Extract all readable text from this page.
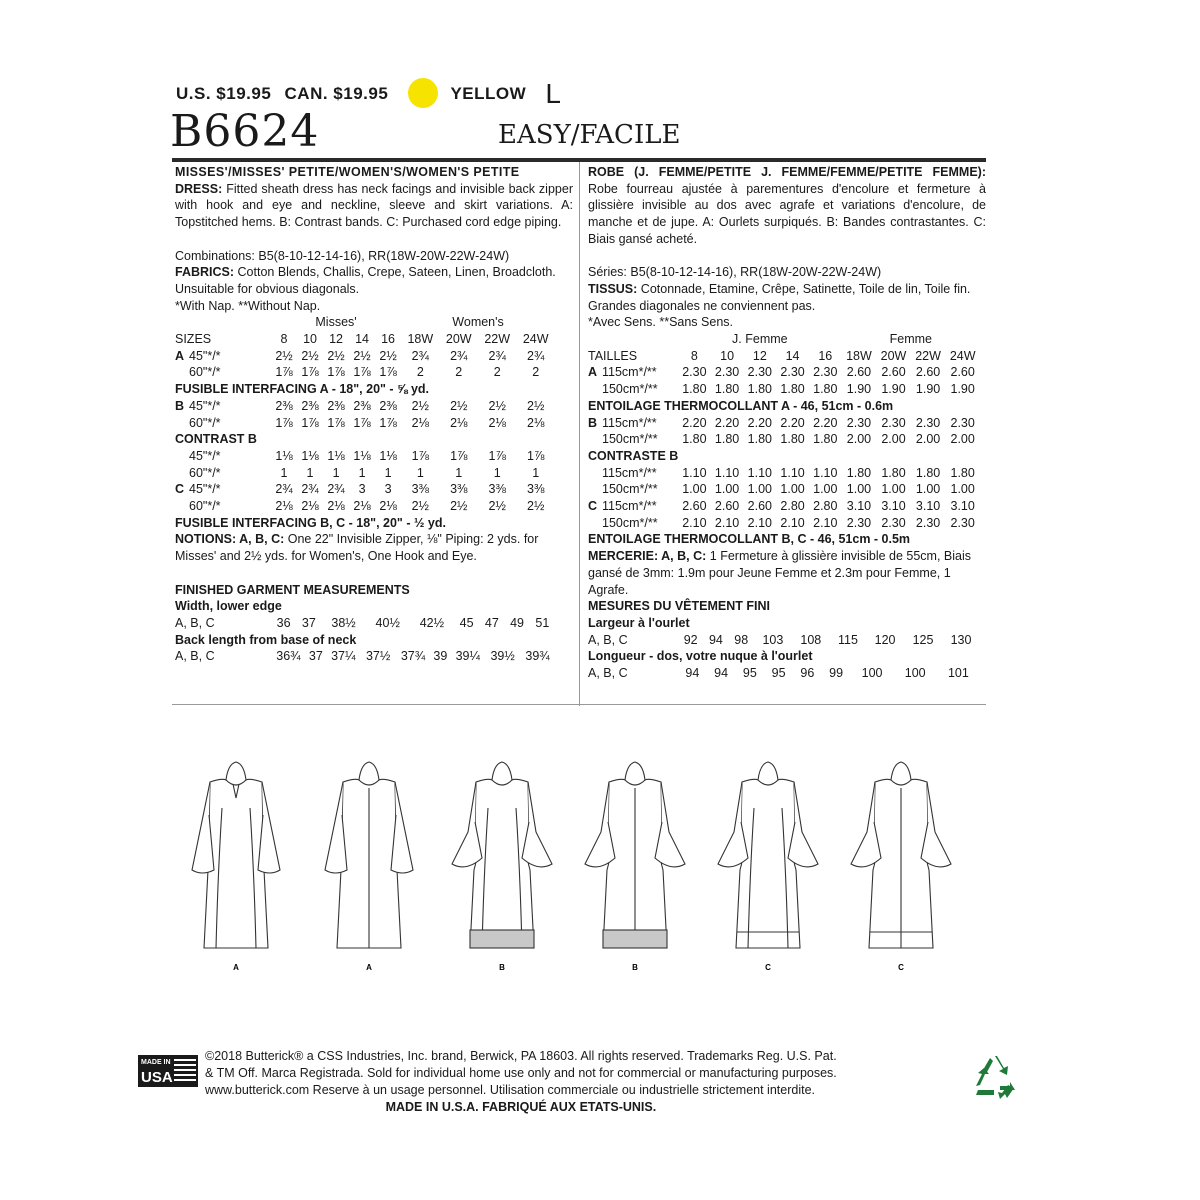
U.S. $19.95 CAN. $19.95	YELLOW L
B6624	EASY/FACILE

MISSES'/MISSES' PETITE/WOMEN'S/WOMEN'S PETITE

DRESS: Fitted sheath dress has neck facings and invisible back zipper with hook and eye and neckline, sleeve and skirt variations. A: Topstitched hems. B: Contrast bands. C: Purchased cord edge piping.

Combinations: B5(8-10-12-14-16), RR(18W-20W-22W-24W)

FABRICS: Cotton Blends, Challis, Crepe, Sateen, Linen, Broadcloth.

Unsuitable for obvious diagonals.

*With Nap. **Without Nap.

	Misses'					Women's			
SIZES	8	10	12	14	16	18W	20W	22W	24W
A 45"*/*	2½	2½	2½	2½	2½	2¾	2¾	2¾	2¾
60"*/*	1⅞	1⅞	1⅞	1⅞	1⅞	2	2	2	2
FUSIBLE INTERFACING A - 18", 20" - ⅝ yd.									
B 45"*/*	2⅜	2⅜	2⅜	2⅜	2⅜	2½	2½	2½	2½
60"*/*	1⅞	1⅞	1⅞	1⅞	1⅞	2⅛	2⅛	2⅛	2⅛
CONTRAST B									
45"*/*	1⅛	1⅛	1⅛	1⅛	1⅛	1⅞	1⅞	1⅞	1⅞
60"*/*	1	1	1	1	1	1	1	1	1
C 45"*/*	2¾	2¾	2¾	3	3	3⅜	3⅜	3⅜	3⅜
60"*/*	2⅛	2⅛	2⅛	2⅛	2⅛	2½	2½	2½	2½

FUSIBLE INTERFACING B, C - 18", 20" - ½ yd.

NOTIONS: A, B, C: One 22" Invisible Zipper, ⅛" Piping: 2 yds. for Misses' and 2½ yds. for Women's, One Hook and Eye.

FINISHED GARMENT MEASUREMENTS

Width, lower edge

A, B, C	36	37	38½	40½	42½	45	47	49	51

Back length from base of neck

A, B, C	36¾	37	37¼	37½	37¾	39	39¼	39½	39¾

ROBE (J. FEMME/PETITE J. FEMME/FEMME/PETITE FEMME): Robe fourreau ajustée à parementures d'encolure et fermeture à glissière invisible au dos avec agrafe et variations d'encolure, de manche et de jupe. A: Ourlets surpiqués. B: Bandes contrastantes. C: Biais gansé acheté.

Séries: B5(8-10-12-14-16), RR(18W-20W-22W-24W)

TISSUS: Cotonnade, Etamine, Crêpe, Satinette, Toile de lin, Toile fin.

Grandes diagonales ne conviennent pas.

*Avec Sens. **Sans Sens.

	J. Femme					Femme			
TAILLES	8	10	12	14	16	18W	20W	22W	24W
A 115cm*/**	2.30	2.30	2.30	2.30	2.30	2.60	2.60	2.60	2.60
150cm*/**	1.80	1.80	1.80	1.80	1.80	1.90	1.90	1.90	1.90
ENTOILAGE THERMOCOLLANT A - 46, 51cm - 0.6m									
B 115cm*/**	2.20	2.20	2.20	2.20	2.20	2.30	2.30	2.30	2.30
150cm*/**	1.80	1.80	1.80	1.80	1.80	2.00	2.00	2.00	2.00
CONTRASTE B									
115cm*/**	1.10	1.10	1.10	1.10	1.10	1.80	1.80	1.80	1.80
150cm*/**	1.00	1.00	1.00	1.00	1.00	1.00	1.00	1.00	1.00
C 115cm*/**	2.60	2.60	2.60	2.80	2.80	3.10	3.10	3.10	3.10
150cm*/**	2.10	2.10	2.10	2.10	2.10	2.30	2.30	2.30	2.30

ENTOILAGE THERMOCOLLANT B, C - 46, 51cm - 0.5m

MERCERIE: A, B, C: 1 Fermeture à glissière invisible de 55cm, Biais gansé de 3mm: 1.9m pour Jeune Femme et 2.3m pour Femme, 1 Agrafe.

MESURES DU VÊTEMENT FINI

Largeur à l'ourlet

A, B, C	92	94	98	103	108	115	120	125	130

Longueur - dos, votre nuque à l'ourlet

A, B, C	94	94	95	95	96	99	100	100	101
A	A	B	B	C	C
MADE IN
USA
©2018 Butterick® a CSS Industries, Inc. brand, Berwick, PA 18603. All rights reserved. Trademarks Reg. U.S. Pat.
& TM Off. Marca Registrada. Sold for individual home use only and not for commercial or manufacturing purposes.
www.butterick.com Reserve à un usage personnel. Utilisation commerciale ou industrielle strictement interdite.
MADE IN U.S.A. FABRIQUÉ AUX ETATS-UNIS.
